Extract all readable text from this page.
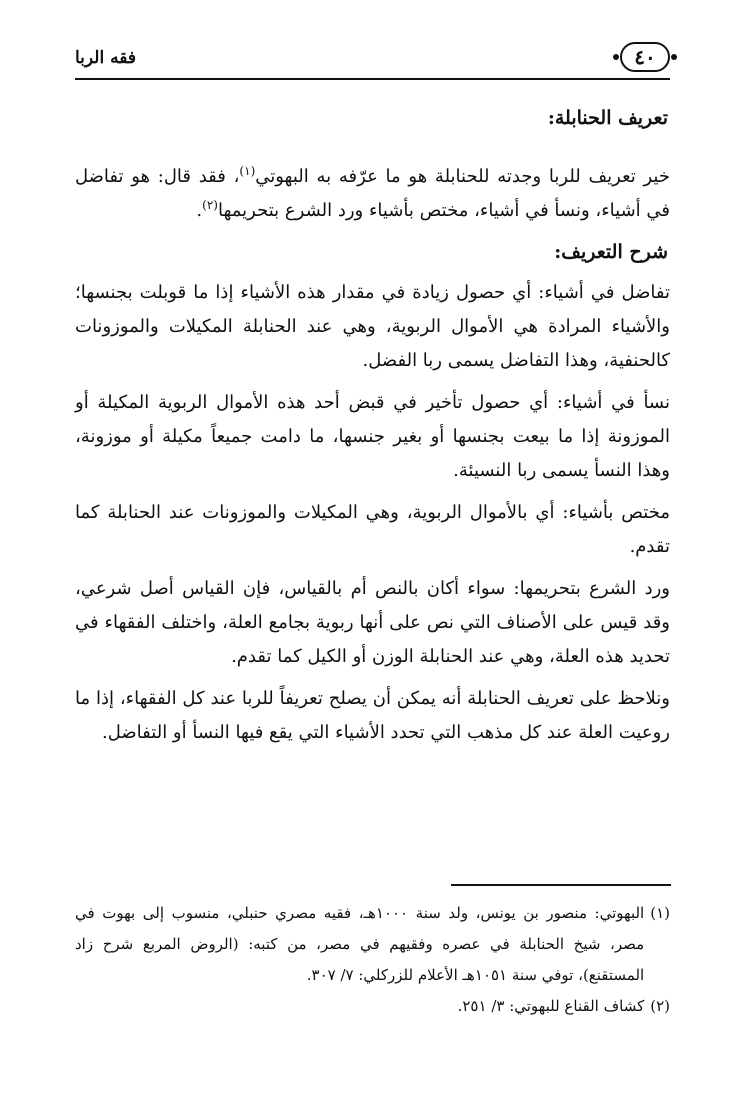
٤٠
فقه الربا
تعريف الحنابلة:

خير تعريف للربا وجدته للحنابلة هو ما عرّفه به البهوتي$^{(١)}$، فقد قال: هو تفاضل في أشياء، ونسأ في أشياء، مختص بأشياء ورد الشرع بتحريمها$^{(٢)}$.

شرح التعريف:

تفاضل في أشياء: أي حصول زيادة في مقدار هذه الأشياء إذا ما قوبلت بجنسها؛ والأشياء المرادة هي الأموال الربوية، وهي عند الحنابلة المكيلات والموزونات كالحنفية، وهذا التفاضل يسمى ربا الفضل.

نسأ في أشياء: أي حصول تأخير في قبض أحد هذه الأموال الربوية المكيلة أو الموزونة إذا ما بيعت بجنسها أو بغير جنسها، ما دامت جميعاً مكيلة أو موزونة، وهذا النسأ يسمى ربا النسيئة.

مختص بأشياء: أي بالأموال الربوية، وهي المكيلات والموزونات عند الحنابلة كما تقدم.

ورد الشرع بتحريمها: سواء أكان بالنص أم بالقياس، فإن القياس أصل شرعي، وقد قيس على الأصناف التي نص على أنها ربوية بجامع العلة، واختلف الفقهاء في تحديد هذه العلة، وهي عند الحنابلة الوزن أو الكيل كما تقدم.

ونلاحظ على تعريف الحنابلة أنه يمكن أن يصلح تعريفاً للربا عند كل الفقهاء، إذا ما روعيت العلة عند كل مذهب التي تحدد الأشياء التي يقع فيها النسأ أو التفاضل.

(١)
البهوتي: منصور بن يونس، ولد سنة ١٠٠٠هـ، فقيه مصري حنبلي، منسوب إلى بهوت في مصر، شيخ الحنابلة في عصره وفقيهم في مصر، من كتبه: (الروض المربع شرح زاد المستقنع)، توفي سنة ١٠٥١هـ الأعلام للزركلي: ٧/ ٣٠٧.
(٢)
كشاف القناع للبهوتي: ٣/ ٢٥١.
